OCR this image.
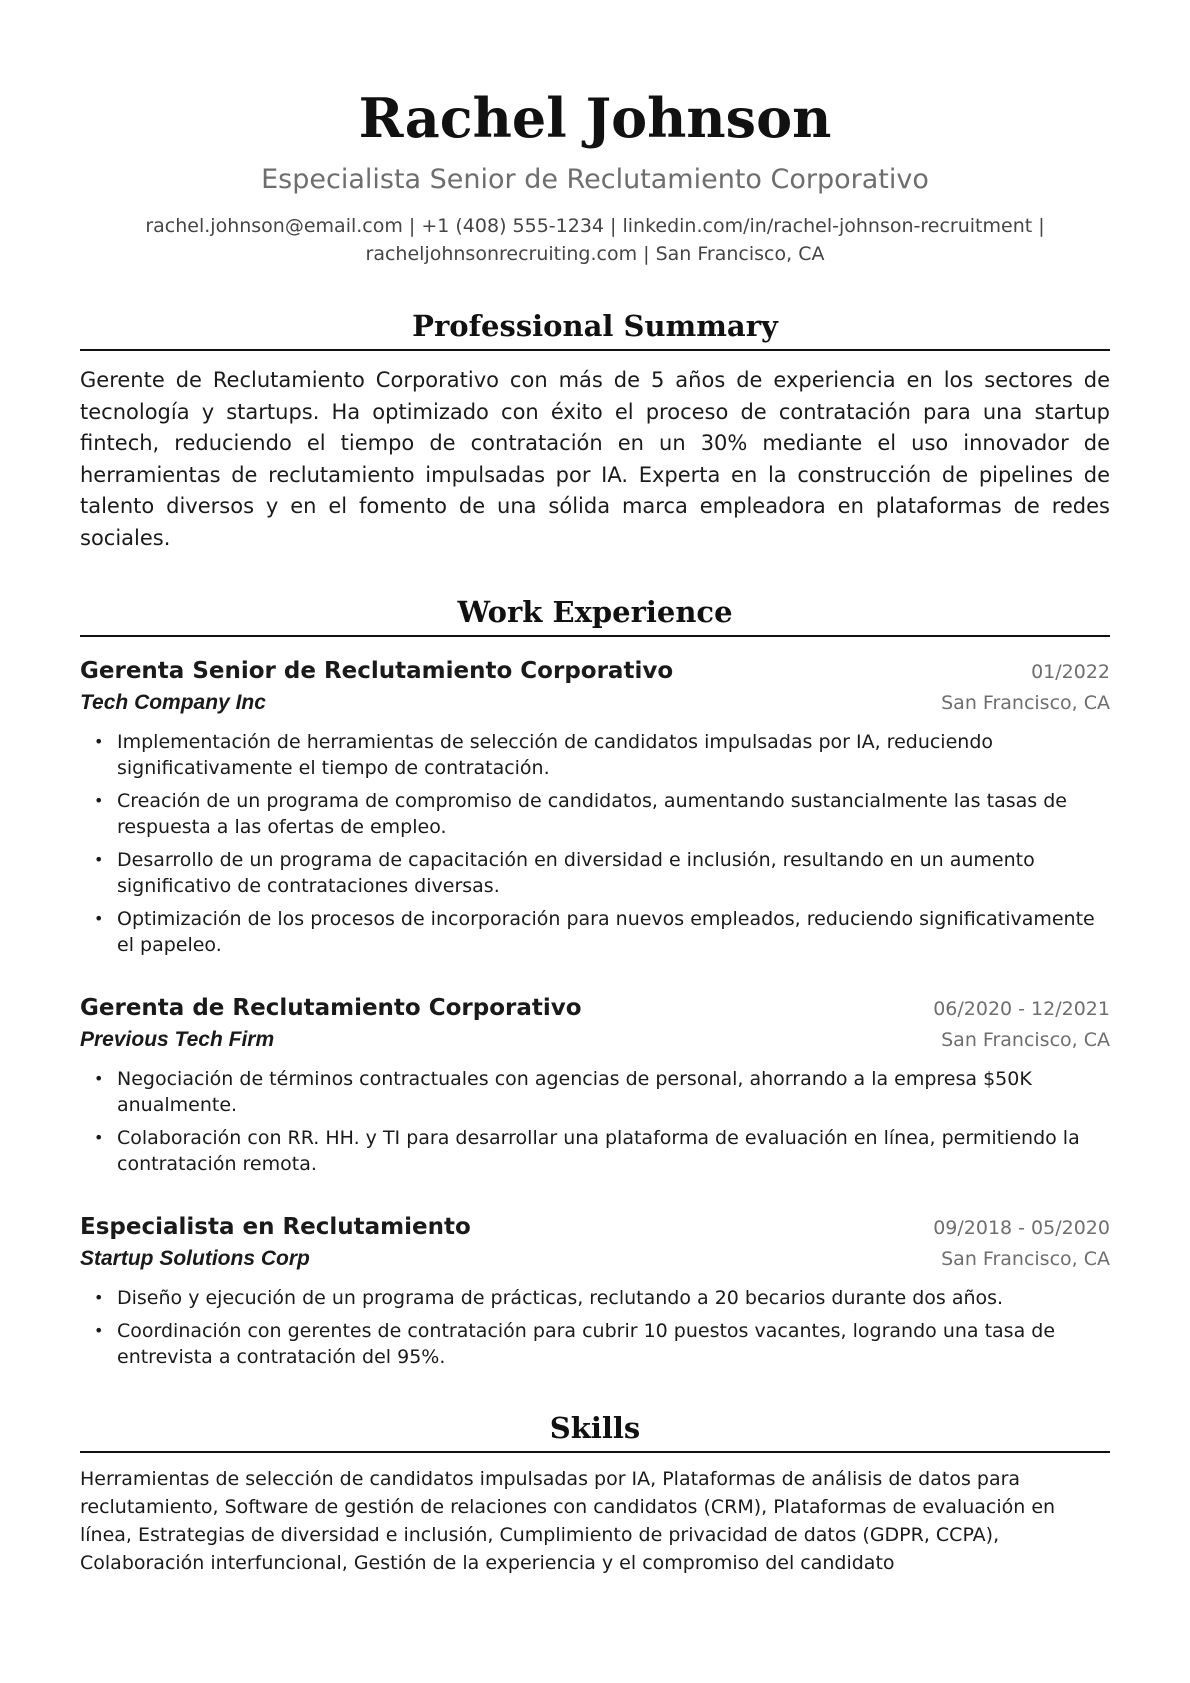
Rachel Johnson
Especialista Senior de Reclutamiento Corporativo
rachel.johnson@email.com | +1 (408) 555-1234 | linkedin.com/in/rachel-johnson-recruitment |
racheljohnsonrecruiting.com | San Francisco, CA
Professional Summary
Gerente de Reclutamiento Corporativo con más de 5 años de experiencia en los sectores de tecnología y startups. Ha optimizado con éxito el proceso de contratación para una startup fintech, reduciendo el tiempo de contratación en un 30% mediante el uso innovador de herramientas de reclutamiento impulsadas por IA. Experta en la construcción de pipelines de talento diversos y en el fomento de una sólida marca empleadora en plataformas de redes sociales.
Work Experience
Gerenta Senior de Reclutamiento Corporativo	01/2022
Tech Company Inc	San Francisco, CA
• Implementación de herramientas de selección de candidatos impulsadas por IA, reduciendo significativamente el tiempo de contratación.
• Creación de un programa de compromiso de candidatos, aumentando sustancialmente las tasas de respuesta a las ofertas de empleo.
• Desarrollo de un programa de capacitación en diversidad e inclusión, resultando en un aumento significativo de contrataciones diversas.
• Optimización de los procesos de incorporación para nuevos empleados, reduciendo significativamente el papeleo.
Gerenta de Reclutamiento Corporativo	06/2020 - 12/2021
Previous Tech Firm	San Francisco, CA
• Negociación de términos contractuales con agencias de personal, ahorrando a la empresa $50K anualmente.
• Colaboración con RR. HH. y TI para desarrollar una plataforma de evaluación en línea, permitiendo la contratación remota.
Especialista en Reclutamiento	09/2018 - 05/2020
Startup Solutions Corp	San Francisco, CA
• Diseño y ejecución de un programa de prácticas, reclutando a 20 becarios durante dos años.
• Coordinación con gerentes de contratación para cubrir 10 puestos vacantes, logrando una tasa de entrevista a contratación del 95%.
Skills
Herramientas de selección de candidatos impulsadas por IA, Plataformas de análisis de datos para reclutamiento, Software de gestión de relaciones con candidatos (CRM), Plataformas de evaluación en línea, Estrategias de diversidad e inclusión, Cumplimiento de privacidad de datos (GDPR, CCPA), Colaboración interfuncional, Gestión de la experiencia y el compromiso del candidato
